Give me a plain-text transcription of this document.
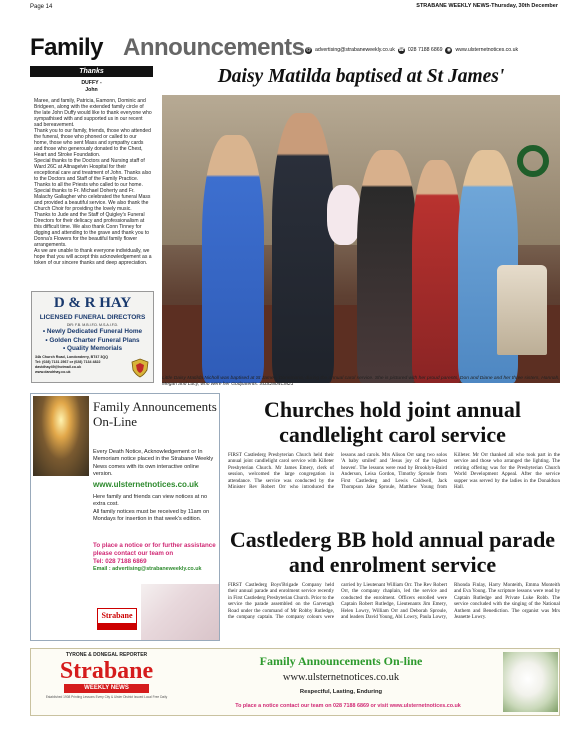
Page 14	STRABANE WEEKLY NEWS-Thursday, 30th December
Family Announcements @ advertising@strabaneweekly.co.uk ☎ 028 7188 6869 ◉ www.ulsternetnotices.co.uk
Thanks
DUFFY -
John
Maree, and family, Patricia, Eamonn, Dominic and Bridgeen, along with the extended family circle of the late John Duffy would like to thank everyone who sympathised with and supported us in our recent sad bereavement.
Thank you to our family, friends, those who attended the funeral, those who phoned or called to our home, those who sent Mass and sympathy cards and those who generously donated to the Chest, Heart and Stroke Foundation.
Special thanks to the Doctors and Nursing staff of Ward 26C at Altnagelvin Hospital for their exceptional care and treatment of John. Thanks also to the Doctors and Staff of the Family Practice.
Thanks to all the Priests who called to our home. Special thanks to Fr. Michael Doherty and Fr. Malachy Gallagher who celebrated the funeral Mass and provided a beautiful service. We also thank the Church Choir for providing the lovely music.
Thanks to Jude and the Staff of Quigley's Funeral Directors for their delicacy and professionalism at this difficult time. We also thank Conn Tinney for digging and attending to the grave and thank you to Donna's Flowers for the beautiful family flower arrangements.
As we are unable to thank everyone individually, we hope that you will accept this acknowledgement as a token of our sincere thanks and deep appreciation.
D & R HAY
LICENSED FUNERAL DIRECTORS
DIR: F.B. M.B.I.F.D. M.S.A.I.F.D.
• Newly Dedicated Funeral Home
• Golden Charter Funeral Plans
• Quality Memorials
34b Church Road, Londonderry, BT47 3QQ
Tel: (028) 7131 2567 or (028) 7134 4822
davidhay49@hotmail.co.uk
www.dandrhay.co.uk
Family Announcements On-Line
Every Death Notice, Acknowledgement or In Memoriam notice placed in the Strabane Weekly News comes with its own interactive online version.
www.ulsternetnotices.co.uk
Here family and friends can view notices at no extra cost.
All family notices must be received by 11am on Mondays for insertion in that week's edition.
To place a notice or for further assistance please contact our team on
Tel: 028 7188 6869
Email : advertising@strabaneweekly.co.uk
Strabane
Daisy Matilda baptised at St James'
Little Daisy Matilda Nicholl was baptised at St James, Donemana, during the annual carol service. She is pictured with her proud parents, Don and Diane and her three sisters, Hannah, Megan and Lucy, who were her Godparents. SUS2804CM21
Churches hold joint annual candlelight carol service
FIRST Castlederg Presbyterian Church held their annual joint candlelight carol service with Killeter Presbyterian Church. Mr James Emery, clerk of session, welcomed the large congregation in attendance. The service was conducted by the Minister Rev Robert Orr who introduced the lessons and carols. Mrs Alison Orr sang two solos 'A baby smiled' and 'Jesus joy of the highest heaven'. The lessons were read by Brooklyn-Baird Anderson, Leisa Gordon, Timothy Sproule from First Castlederg and Lewis Caldwell, Jack Thompson Jake Sproule, Matthew Young from Killeter. Mr Orr thanked all who took part in the service and those who arranged the lighting. The retiring offering was for the Presbyterian Church World Development Appeal. After the service supper was served by the ladies in the Donaldson Hall.
Castlederg BB hold annual parade and enrolment service
FIRST Castlederg Boys'Brigade Company held their annual parade and enrolment service recently in First Castlederg Presbyterian Church. Prior to the service the parade assembled on the Garvetagh Road under the command of Mr Robby Rutledge, the company captain. The company colours were carried by Lieutenant William Orr. The Rev Robert Orr, the company chaplain, led the service and conducted the enrolment. Officers enrolled were Captain Robert Rutledge, Lieutenants Jim Emery, Helen Lowry, William Orr and Deborah Sproule, and leaders David Young, Abi Lowry, Paula Lowry, Rhonda Finlay, Harry Monteith, Emma Monteith and Eva Young. The scripture lessons were read by Captain Rutledge and Private Luke Robb. The service concluded with the singing of the National Anthem and Benediction. The organist was Mrs Jeanette Lowry.
TYRONE & DONEGAL REPORTER
Strabane
WEEKLY NEWS
Established 1908 Printing Lessons Every City & Ulster District Issued Local Free Daily
Family Announcements On-line
www.ulsternetnotices.co.uk
Respectful, Lasting, Enduring
To place a notice contact our team on 028 7188 6869 or visit www.ulsternetnotices.co.uk
